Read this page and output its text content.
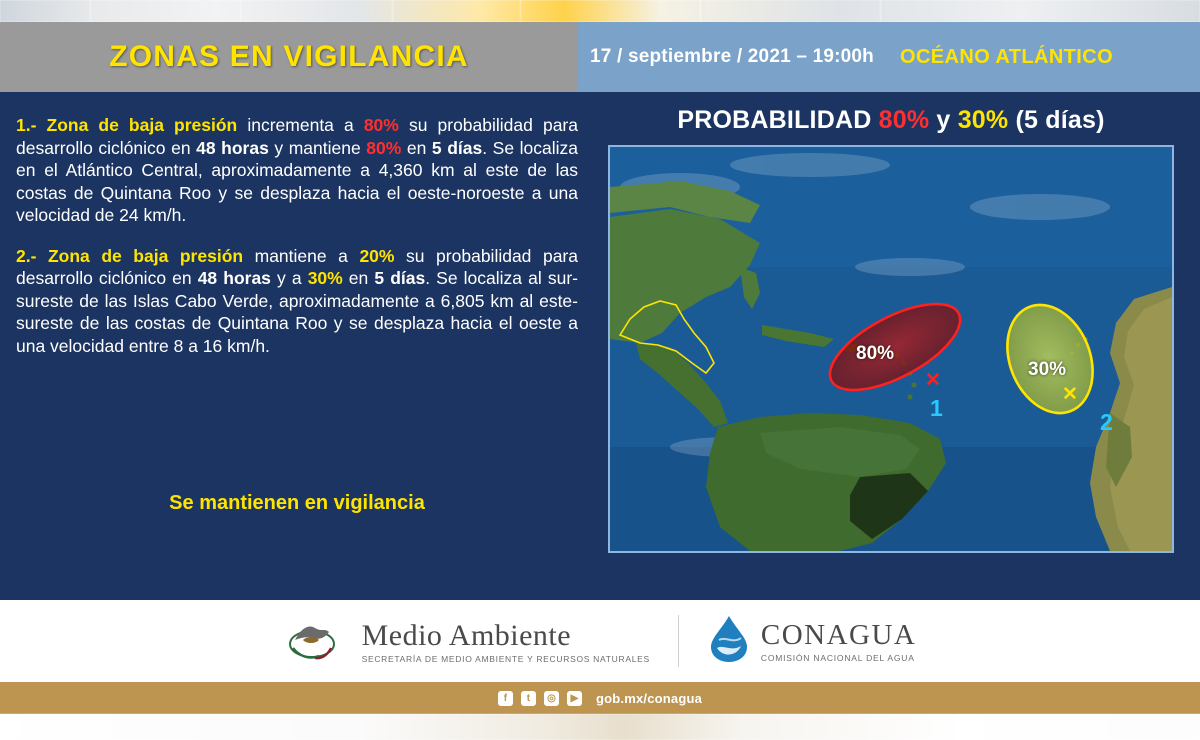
ZONAS EN VIGILANCIA	17 / septiembre / 2021 – 19:00h OCÉANO ATLÁNTICO
1.- Zona de baja presión incrementa a 80% su probabilidad para desarrollo ciclónico en 48 horas y mantiene 80% en 5 días. Se localiza en el Atlántico Central, aproximadamente a 4,360 km al este de las costas de Quintana Roo y se desplaza hacia el oeste-noroeste a una velocidad de 24 km/h.
2.- Zona de baja presión mantiene a 20% su probabilidad para desarrollo ciclónico en 48 horas y a 30% en 5 días. Se localiza al sur-sureste de las Islas Cabo Verde, aproximadamente a 6,805 km al este-sureste de las costas de Quintana Roo y se desplaza hacia el oeste a una velocidad entre 8 a 16 km/h.
Se mantienen en vigilancia
PROBABILIDAD 80% y 30% (5 días)
80%
✕
1
30%
✕
2
Medio Ambiente
SECRETARÍA DE MEDIO AMBIENTE Y RECURSOS NATURALES
CONAGUA
COMISIÓN NACIONAL DEL AGUA
f	t	◎	▶ gob.mx/conagua
